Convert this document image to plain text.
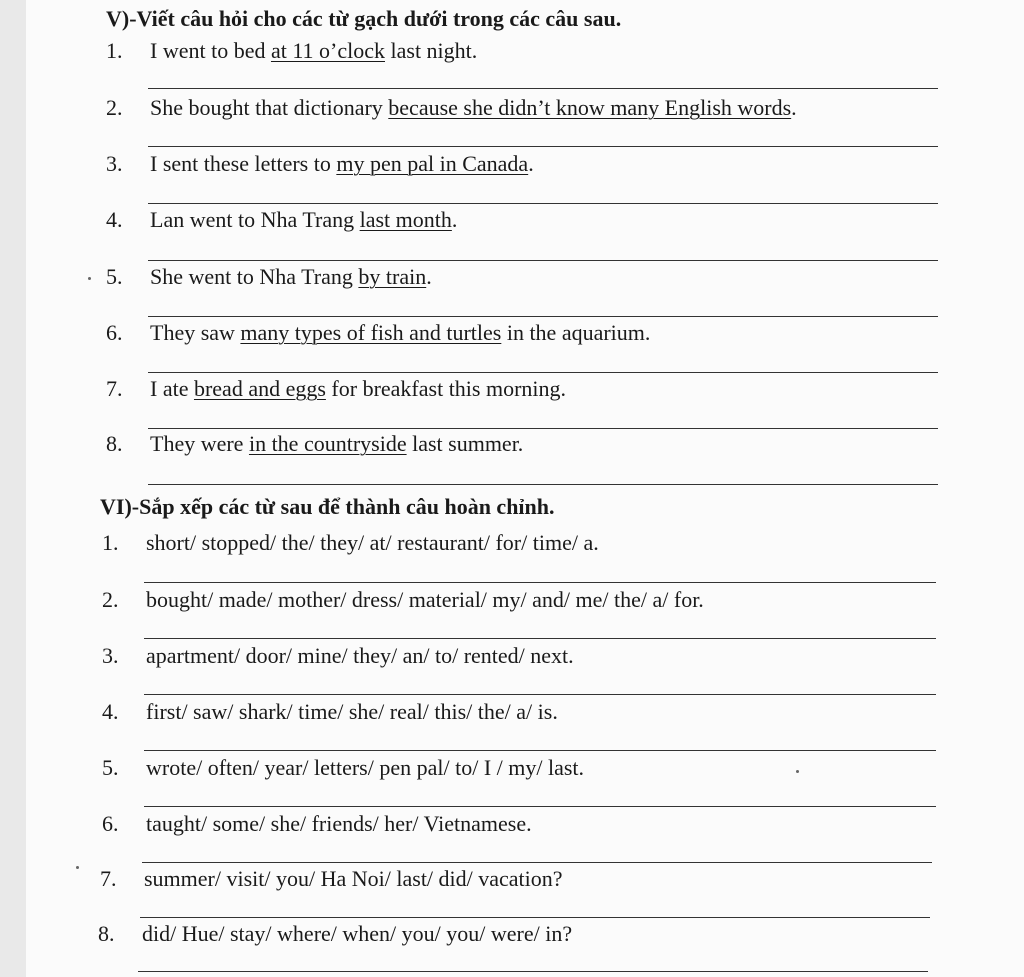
V)-Viết câu hỏi cho các từ gạch dưới trong các câu sau.
1. I went to bed at 11 o’clock last night.
2. She bought that dictionary because she didn’t know many English words.
3. I sent these letters to my pen pal in Canada.
4. Lan went to Nha Trang last month.
5. She went to Nha Trang by train.
6. They saw many types of fish and turtles in the aquarium.
7. I ate bread and eggs for breakfast this morning.
8. They were in the countryside last summer.
VI)-Sắp xếp các từ sau để thành câu hoàn chỉnh.
1. short/ stopped/ the/ they/ at/ restaurant/ for/ time/ a.
2. bought/ made/ mother/ dress/ material/ my/ and/ me/ the/ a/ for.
3. apartment/ door/ mine/ they/ an/ to/ rented/ next.
4. first/ saw/ shark/ time/ she/ real/ this/ the/ a/ is.
5. wrote/ often/ year/ letters/ pen pal/ to/ I / my/ last.
6. taught/ some/ she/ friends/ her/ Vietnamese.
7. summer/ visit/ you/ Ha Noi/ last/ did/ vacation?
8. did/ Hue/ stay/ where/ when/ you/ you/ were/ in?
